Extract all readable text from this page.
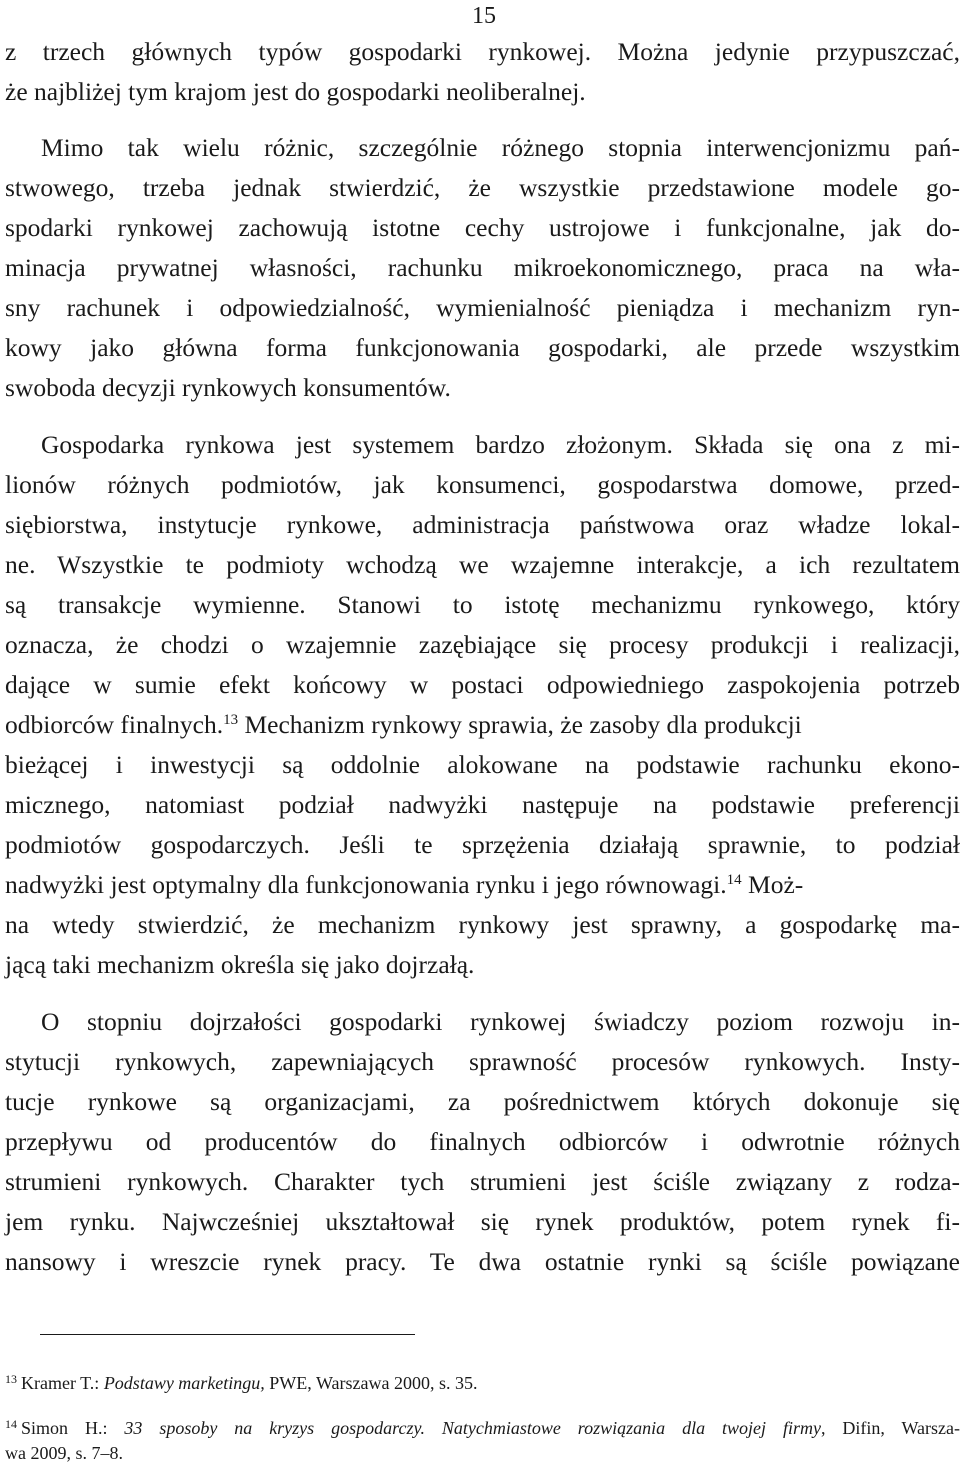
15
z trzech głównych typów gospodarki rynkowej. Można jedynie przypuszczać,
że najbliżej tym krajom jest do gospodarki neoliberalnej.
Mimo tak wielu różnic, szczególnie różnego stopnia interwencjonizmu pań-
stwowego, trzeba jednak stwierdzić, że wszystkie przedstawione modele go-
spodarki rynkowej zachowują istotne cechy ustrojowe i funkcjonalne, jak do-
minacja prywatnej własności, rachunku mikroekonomicznego, praca na wła-
sny rachunek i odpowiedzialność, wymienialność pieniądza i mechanizm ryn-
kowy jako główna forma funkcjonowania gospodarki, ale przede wszystkim
swoboda decyzji rynkowych konsumentów.
Gospodarka rynkowa jest systemem bardzo złożonym. Składa się ona z mi-
lionów różnych podmiotów, jak konsumenci, gospodarstwa domowe, przed-
siębiorstwa, instytucje rynkowe, administracja państwowa oraz władze lokal-
ne. Wszystkie te podmioty wchodzą we wzajemne interakcje, a ich rezultatem
są transakcje wymienne. Stanowi to istotę mechanizmu rynkowego, który
oznacza, że chodzi o wzajemnie zazębiające się procesy produkcji i realizacji,
dające w sumie efekt końcowy w postaci odpowiedniego zaspokojenia potrzeb
odbiorców finalnych.$^{13}$ Mechanizm rynkowy sprawia, że zasoby dla produkcji
bieżącej i inwestycji są oddolnie alokowane na podstawie rachunku ekono-
micznego, natomiast podział nadwyżki następuje na podstawie preferencji
podmiotów gospodarczych. Jeśli te sprzężenia działają sprawnie, to podział
nadwyżki jest optymalny dla funkcjonowania rynku i jego równowagi.$^{14}$ Moż-
na wtedy stwierdzić, że mechanizm rynkowy jest sprawny, a gospodarkę ma-
jącą taki mechanizm określa się jako dojrzałą.
O stopniu dojrzałości gospodarki rynkowej świadczy poziom rozwoju in-
stytucji rynkowych, zapewniających sprawność procesów rynkowych. Insty-
tucje rynkowe są organizacjami, za pośrednictwem których dokonuje się
przepływu od producentów do finalnych odbiorców i odwrotnie różnych
strumieni rynkowych. Charakter tych strumieni jest ściśle związany z rodza-
jem rynku. Najwcześniej ukształtował się rynek produktów, potem rynek fi-
nansowy i wreszcie rynek pracy. Te dwa ostatnie rynki są ściśle powiązane
$^{13}$ Kramer T.: Podstawy marketingu, PWE, Warszawa 2000, s. 35.
$^{14}$ Simon H.: 33 sposoby na kryzys gospodarczy. Natychmiastowe rozwiązania dla twojej firmy, Difin, Warsza-
wa 2009, s. 7–8.
